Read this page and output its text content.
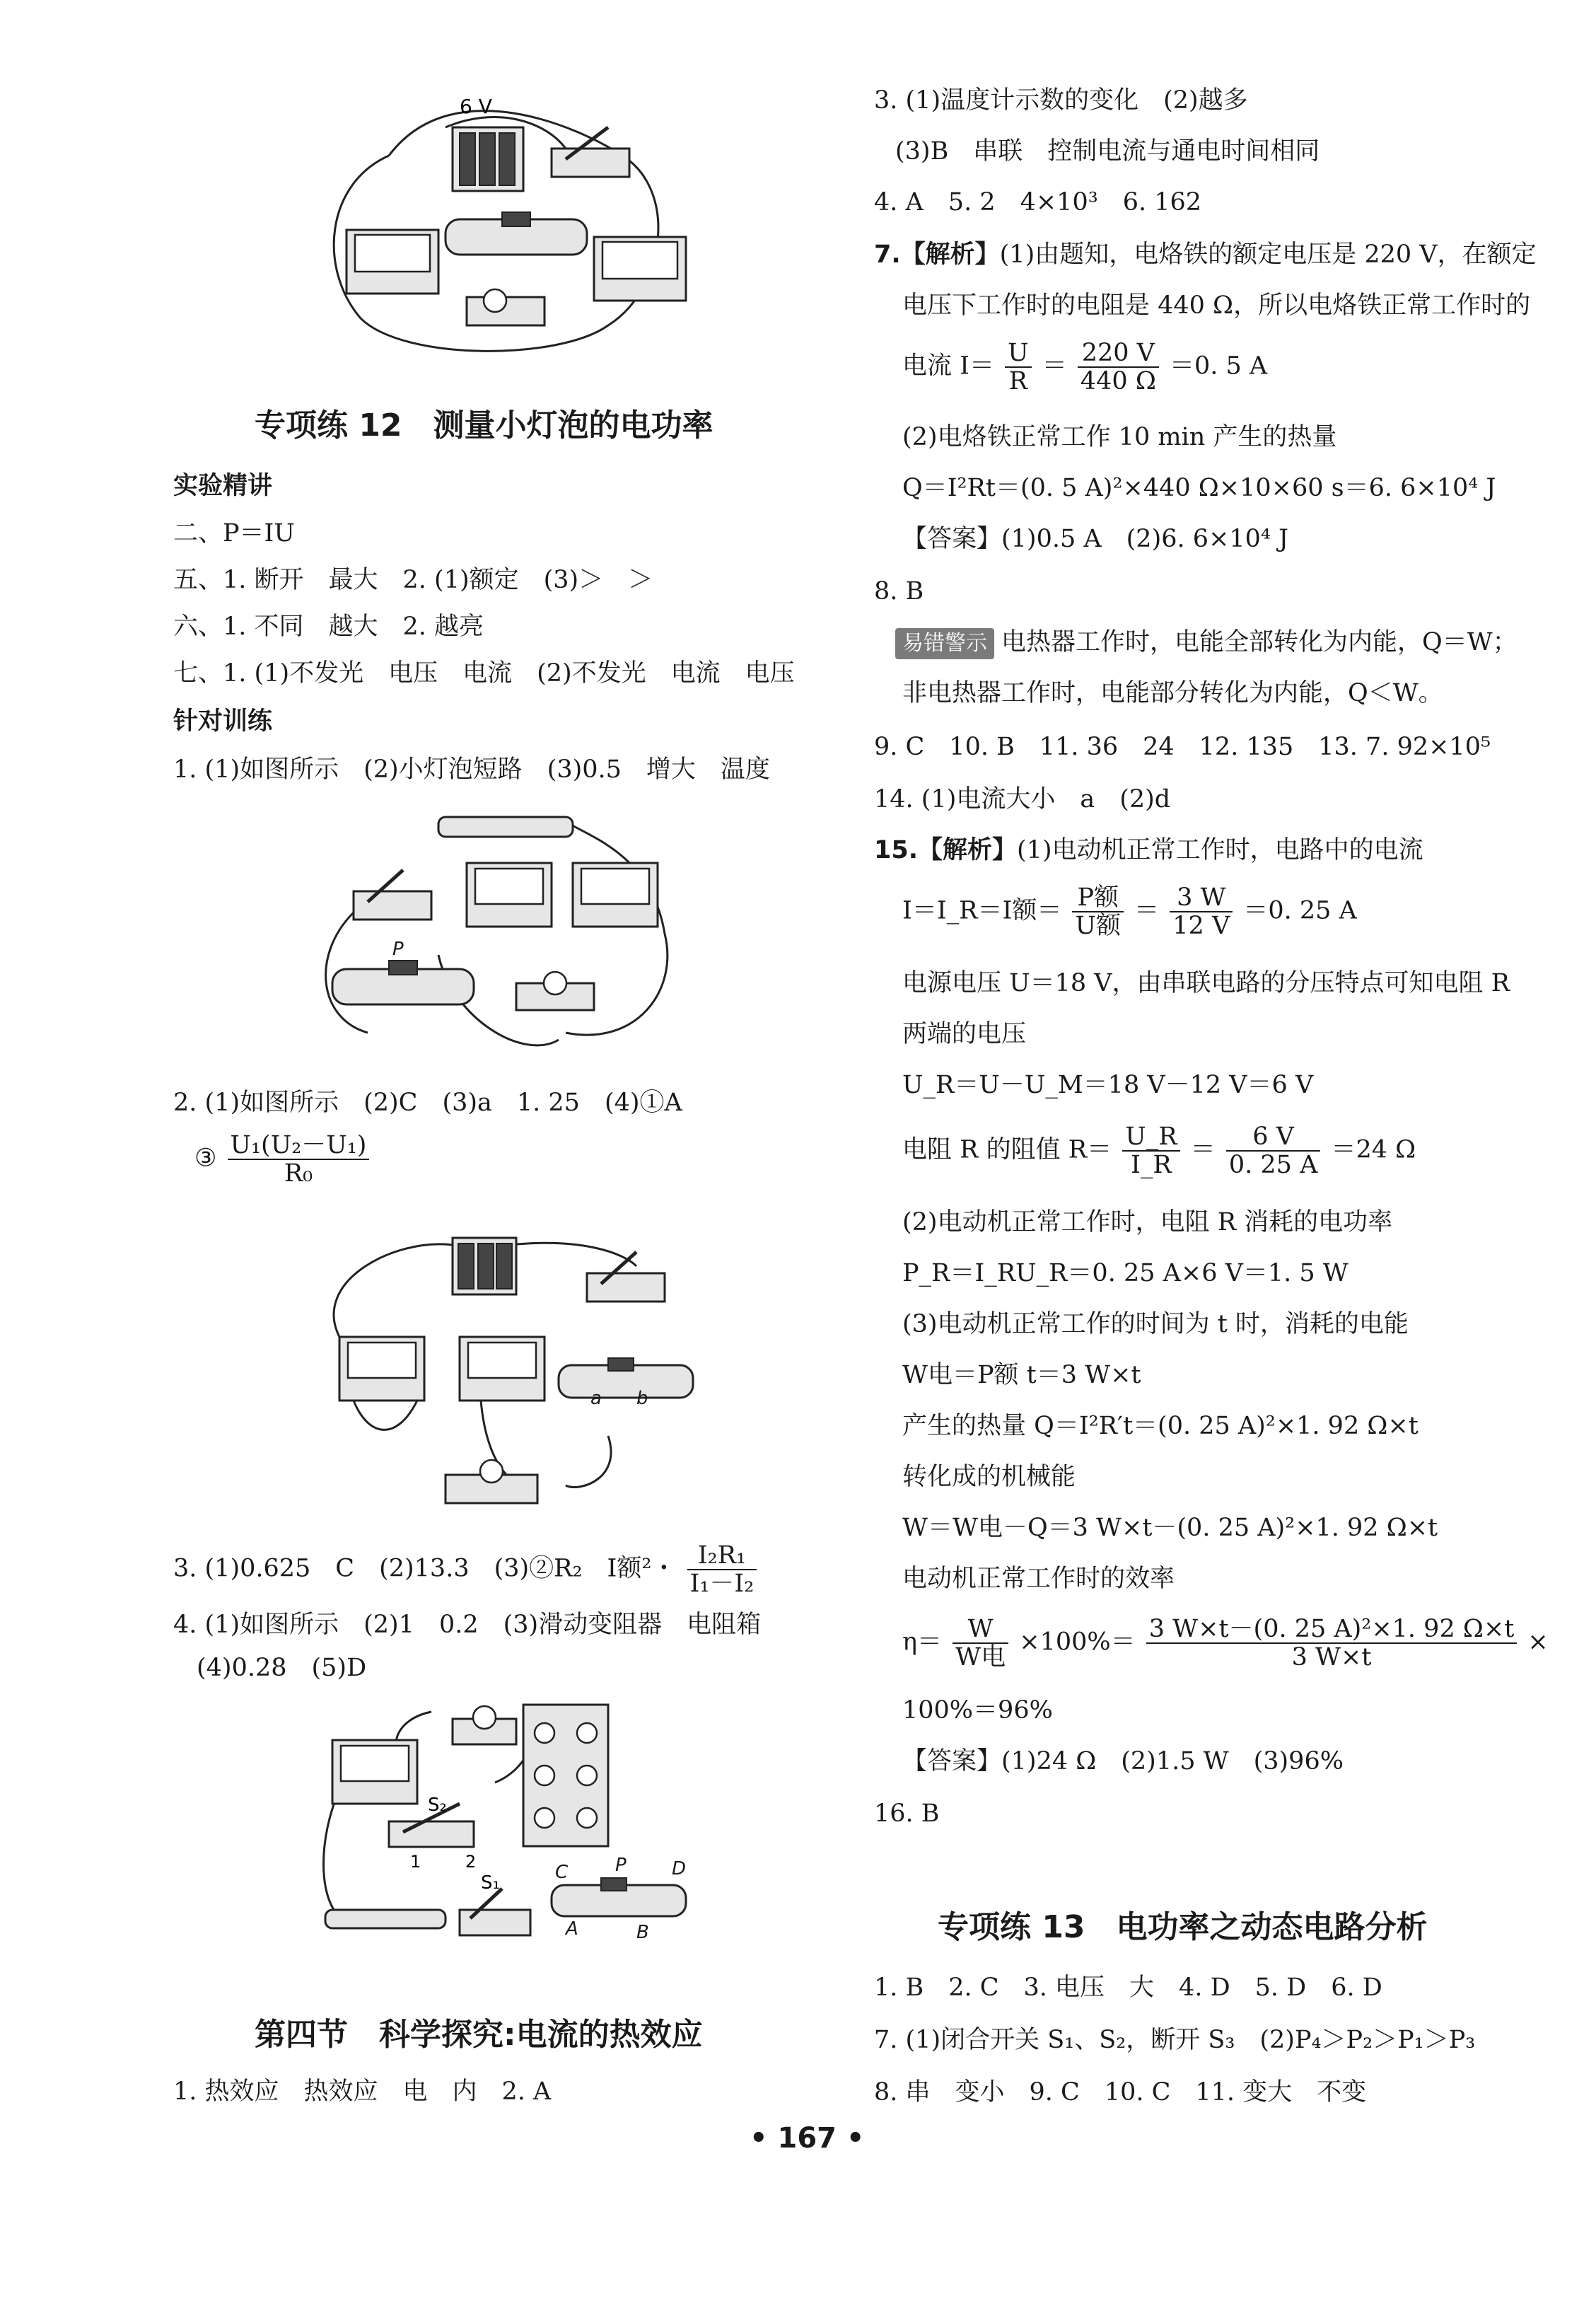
6 V
专项练 12　测量小灯泡的电功率
实验精讲
二、P＝IU
五、1. 断开　最大　2. (1)额定　(3)＞　＞
六、1. 不同　越大　2. 越亮
七、1. (1)不发光　电压　电流　(2)不发光　电流　电压
针对训练
1. (1)如图所示　(2)小灯泡短路　(3)0.5　增大　温度
P
2. (1)如图所示　(2)C　(3)a　1. 25　(4)①A
③ $\frac{\text{U₁(U₂－U₁)}}{\text{R₀}}$
a b
3. (1)0.625　C　(2)13.3　(3)②R₂　I额²・ $\frac{\text{I₂R₁}}{\text{I₁－I₂}}$
4. (1)如图所示　(2)1　0.2　(3)滑动变阻器　电阻箱
(4)0.28　(5)D
S₂
1	2
S₁	C	P D
A	B
第四节　科学探究:电流的热效应
1. 热效应　热效应　电　内　2. A
3. (1)温度计示数的变化　(2)越多
(3)B　串联　控制电流与通电时间相同
4. A　5. 2　4×10³　6. 162
7.【解析】(1)由题知，电烙铁的额定电压是 220 V，在额定
电压下工作时的电阻是 440 Ω，所以电烙铁正常工作时的
电流 $I= \frac{U}{R} = \frac{220 V}{440 \Omega} =0$. 5 A
(2)电烙铁正常工作 10 min 产生的热量
Q＝I²Rt＝(0. 5 A)²×440 Ω×10×60 s＝6. 6×10⁴ J
【答案】(1)0.5 A　(2)6. 6×10⁴ J
8. B
易错警示 电热器工作时，电能全部转化为内能，Q＝W；
非电热器工作时，电能部分转化为内能，Q＜W。
9. C　10. B　11. 36　24　12. 135　13. 7. 92×10⁵
14. (1)电流大小　a　(2)d
15.【解析】(1)电动机正常工作时，电路中的电流
I＝I_R＝I额＝ $\frac{\text{P额}}{\text{U额}} = \frac{3 W}{12 V} =0$. 25 A
电源电压 U＝18 V，由串联电路的分压特点可知电阻 R
两端的电压
U_R＝U－U_M＝18 V－12 V＝6 V
电阻 R 的阻值 $R= \frac{U\_R}{I\_R} = \frac{6 V}{0. 25 A} =24$ Ω
(2)电动机正常工作时，电阻 R 消耗的电功率
P_R＝I_RU_R＝0. 25 A×6 V＝1. 5 W
(3)电动机正常工作的时间为 t 时，消耗的电能
W电＝P额 t＝3 W×t
产生的热量 Q＝I²R′t＝(0. 25 A)²×1. 92 Ω×t
转化成的机械能
W＝W电－Q＝3 W×t－(0. 25 A)²×1. 92 Ω×t
电动机正常工作时的效率
$\eta= \frac{W}{\text{W电}} \times 100\%= \frac{\text{3 W×t－(0. 25 A)²×1. 92 Ω×t}}{3 W\times t}$ ×
100%＝96%
【答案】(1)24 Ω　(2)1.5 W　(3)96%
16. B
专项练 13　电功率之动态电路分析
1. B　2. C　3. 电压　大　4. D　5. D　6. D
7. (1)闭合开关 S₁、S₂，断开 S₃　(2)P₄＞P₂＞P₁＞P₃
8. 串　变小　9. C　10. C　11. 变大　不变
• 167 •
